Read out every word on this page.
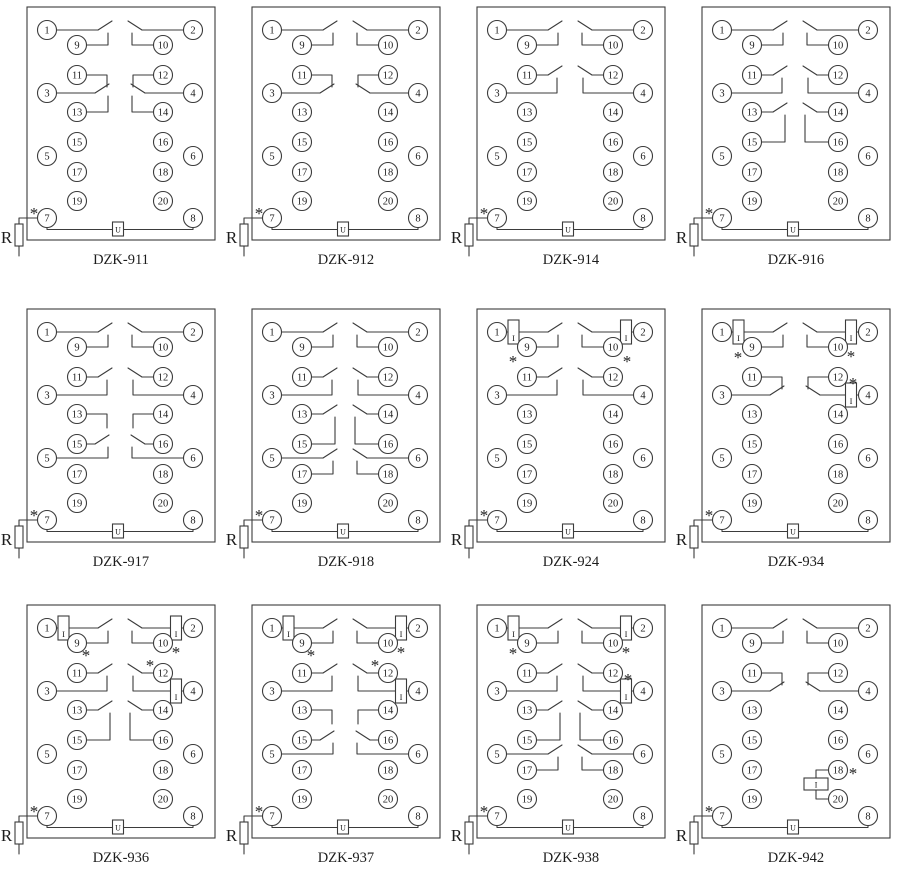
R	U
1	2
3	4
5	6
7	8
9	10
11	12
13	14
15	16
17	18
19	20
*
DZK-911
R	U
1	2
3	4
5	6
7	8
9	10
11	12
13	14
15	16
17	18
19	20
*
DZK-912
R	U
1	2
3	4
5	6
7	8
9	10
11	12
13	14
15	16
17	18
19	20
*
DZK-914
R	U
1	2
3	4
5	6
7	8
9	10
11	12
13	14
15	16
17	18
19	20
*
DZK-916
R	U
1	2
3	4
5	6
7	8
9	10
11	12
13	14
15	16
17	18
19	20
*
DZK-917
R	U
1	2
3	4
5	6
7	8
9	10
11	12
13	14
15	16
17	18
19	20
*
DZK-918
R
I	I
U
1	2
3	4
5	6
7	8
9	10
11	12
13	14
15	16
17	18
19	20
*
*	*
DZK-924
R
I	I
I
U
1	2
3	4
5	6
7	8
9	10
11	12
13	14
15	16
17	18
19	20
*
*	*
*
DZK-934
R
I	I
I
U
1	2
3	4
5	6
7	8
9	10
11	12
13	14
15	16
17	18
19	20
*
*	*
*
DZK-936
R
I	I
I
U
1	2
3	4
5	6
7	8
9	10
11	12
13	14
15	16
17	18
19	20
*
*	*
*
DZK-937
R
I	I
I
U
1	2
3	4
5	6
7	8
9	10
11	12
13	14
15	16
17	18
19	20
*
*	*
*
DZK-938
R
I
U
1	2
3	4
5	6
7	8
9	10
11	12
13	14
15	16
17	18
19	20
*
*
DZK-942
